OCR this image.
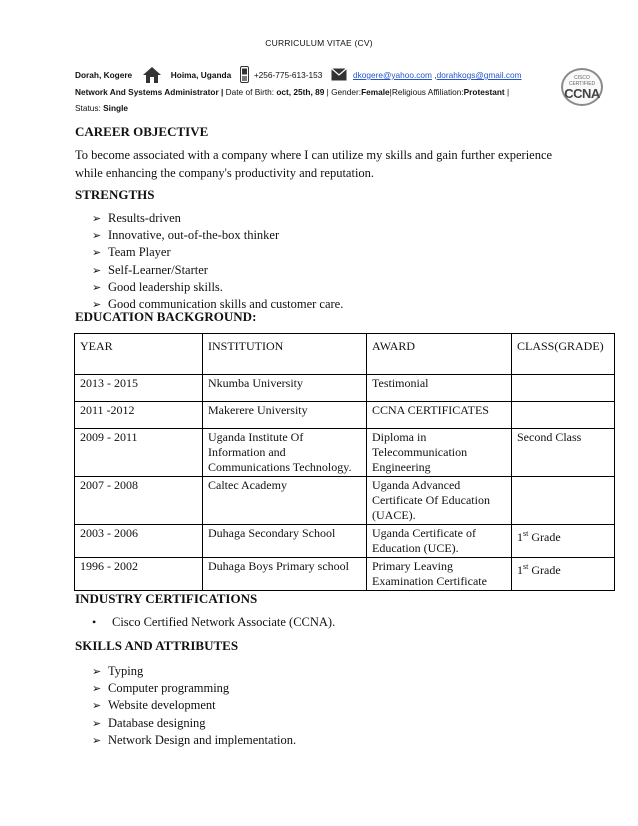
CURRICULUM VITAE (CV)
Dorah, Kogere	Hoima, Uganda	+256-775-613-153	dkogere@yahoo.com ,dorahkogs@gmail.com
Network And Systems Administrator | Date of Birth: oct, 25th, 89 | Gender:Female|Religious Affiliation:Protestant |
Status: Single
CISCO CERTIFIED
CCNA
CAREER OBJECTIVE
To become associated with a company where I can utilize my skills and gain further experience
while enhancing the company's productivity and reputation.
STRENGTHS
➢ Results-driven
➢ Innovative, out-of-the-box thinker
➢ Team Player
➢ Self-Learner/Starter
➢ Good leadership skills.
➢ Good communication skills and customer care.
EDUCATION BACKGROUND:
YEAR	INSTITUTION	AWARD	CLASS(GRADE)
2013 - 2015	Nkumba University	Testimonial	
2011 -2012	Makerere University	CCNA CERTIFICATES	
2009 - 2011	Uganda Institute Of Information and Communications Technology.	Diploma in Telecommunication Engineering	Second Class
2007 - 2008	Caltec Academy	Uganda Advanced Certificate Of Education (UACE).	
2003 - 2006	Duhaga Secondary School	Uganda Certificate of Education (UCE).	1st Grade
1996 - 2002	Duhaga Boys Primary school	Primary Leaving Examination Certificate	1st Grade
INDUSTRY CERTIFICATIONS
• Cisco Certified Network Associate (CCNA).
SKILLS AND ATTRIBUTES
➢ Typing
➢ Computer programming
➢ Website development
➢ Database designing
➢ Network Design and implementation.
